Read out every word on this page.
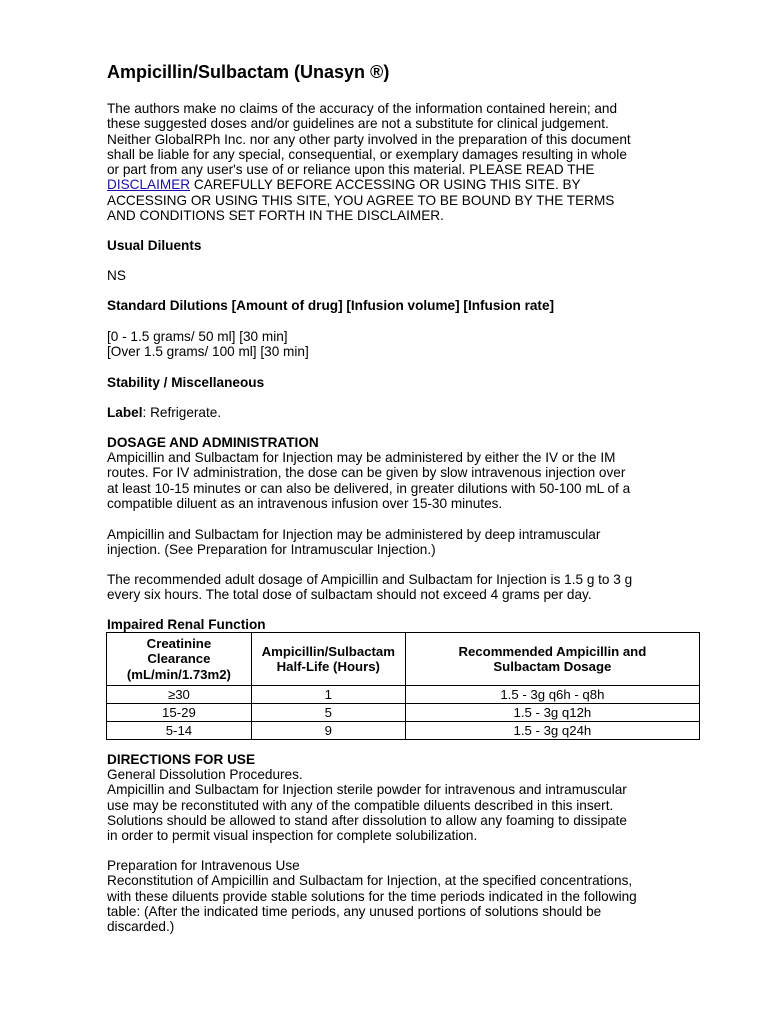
Ampicillin/Sulbactam (Unasyn ®)

The authors make no claims of the accuracy of the information contained herein; and
these suggested doses and/or guidelines are not a substitute for clinical judgement.
Neither GlobalRPh Inc. nor any other party involved in the preparation of this document
shall be liable for any special, consequential, or exemplary damages resulting in whole
or part from any user's use of or reliance upon this material. PLEASE READ THE
DISCLAIMER CAREFULLY BEFORE ACCESSING OR USING THIS SITE. BY
ACCESSING OR USING THIS SITE, YOU AGREE TO BE BOUND BY THE TERMS
AND CONDITIONS SET FORTH IN THE DISCLAIMER.

Usual Diluents

NS

Standard Dilutions [Amount of drug] [Infusion volume] [Infusion rate]

[0 - 1.5 grams/ 50 ml] [30 min]
[Over 1.5 grams/ 100 ml] [30 min]

Stability / Miscellaneous

Label: Refrigerate.

DOSAGE AND ADMINISTRATION

Ampicillin and Sulbactam for Injection may be administered by either the IV or the IM
routes. For IV administration, the dose can be given by slow intravenous injection over
at least 10-15 minutes or can also be delivered, in greater dilutions with 50-100 mL of a
compatible diluent as an intravenous infusion over 15-30 minutes.

Ampicillin and Sulbactam for Injection may be administered by deep intramuscular
injection. (See Preparation for Intramuscular Injection.)

The recommended adult dosage of Ampicillin and Sulbactam for Injection is 1.5 g to 3 g
every six hours. The total dose of sulbactam should not exceed 4 grams per day.

Impaired Renal Function

Creatinine
Clearance
(mL/min/1.73m2)	Ampicillin/Sulbactam
Half-Life (Hours)	Recommended Ampicillin and
Sulbactam Dosage
≥30	1	1.5 - 3g q6h - q8h
15-29	5	1.5 - 3g q12h
5-14	9	1.5 - 3g q24h

DIRECTIONS FOR USE

General Dissolution Procedures.
Ampicillin and Sulbactam for Injection sterile powder for intravenous and intramuscular
use may be reconstituted with any of the compatible diluents described in this insert.
Solutions should be allowed to stand after dissolution to allow any foaming to dissipate
in order to permit visual inspection for complete solubilization.

Preparation for Intravenous Use
Reconstitution of Ampicillin and Sulbactam for Injection, at the specified concentrations,
with these diluents provide stable solutions for the time periods indicated in the following
table: (After the indicated time periods, any unused portions of solutions should be
discarded.)
